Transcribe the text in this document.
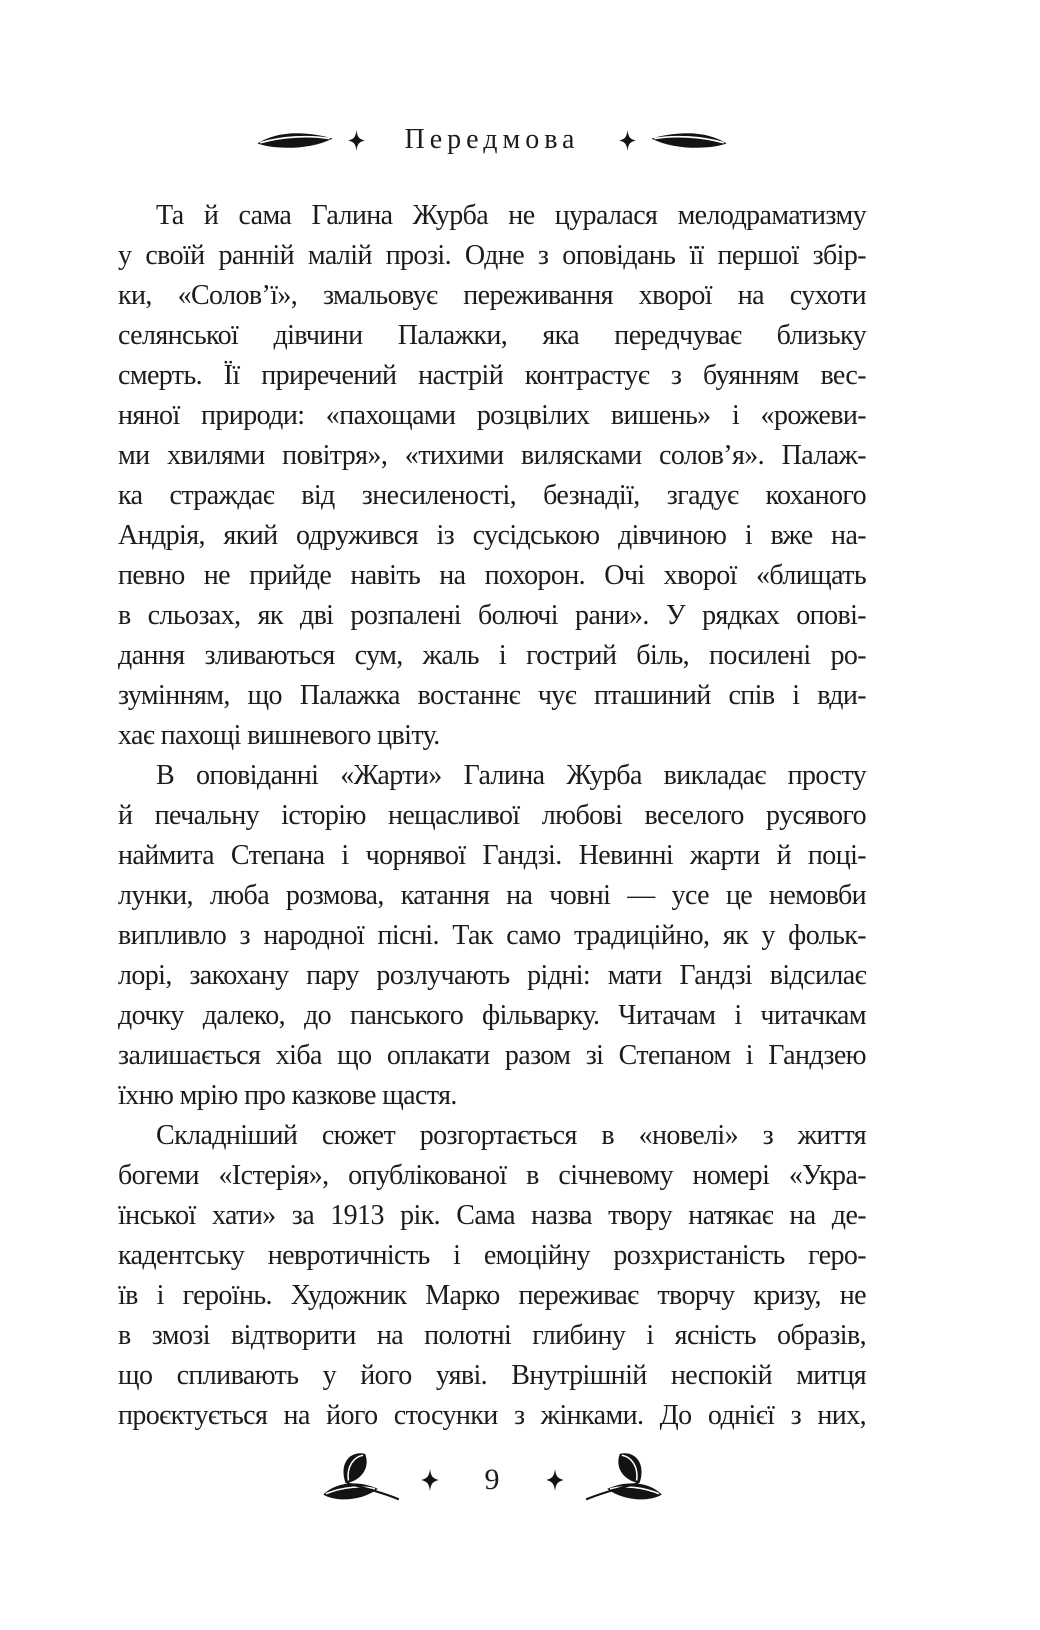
Передмова
Та й сама Галина Журба не цуралася мелодраматизму
у своїй ранній малій прозі. Одне з оповідань її першої збір-
ки, «Солов’ї», змальовує переживання хворої на сухоти
селянської дівчини Палажки, яка передчуває близьку
смерть. Її приречений настрій контрастує з буянням вес-
няної природи: «пахощами розцвілих вишень» і «рожеви-
ми хвилями повітря», «тихими вилясками солов’я». Палаж-
ка страждає від знесиленості, безнадії, згадує коханого
Андрія, який одружився із сусідською дівчиною і вже на-
певно не прийде навіть на похорон. Очі хворої «блищать
в сльозах, як дві розпалені болючі рани». У рядках опові-
дання зливаються сум, жаль і гострий біль, посилені ро-
зумінням, що Палажка востаннє чує пташиний спів і вди-
хає пахощі вишневого цвіту.
В оповіданні «Жарти» Галина Журба викладає просту
й печальну історію нещасливої любові веселого русявого
наймита Степана і чорнявої Гандзі. Невинні жарти й поці-
лунки, люба розмова, катання на човні — усе це немовби
випливло з народної пісні. Так само традиційно, як у фольк-
лорі, закохану пару розлучають рідні: мати Гандзі відсилає
дочку далеко, до панського фільварку. Читачам і читачкам
залишається хіба що оплакати разом зі Степаном і Гандзею
їхню мрію про казкове щастя.
Складніший сюжет розгортається в «новелі» з життя
богеми «Істерія», опублікованої в січневому номері «Укра-
їнської хати» за 1913 рік. Сама назва твору натякає на де-
кадентську невротичність і емоційну розхристаність геро-
їв і героїнь. Художник Марко переживає творчу кризу, не
в змозі відтворити на полотні глибину і ясність образів,
що спливають у його уяві. Внутрішній неспокій митця
проєктується на його стосунки з жінками. До однієї з них,
9
